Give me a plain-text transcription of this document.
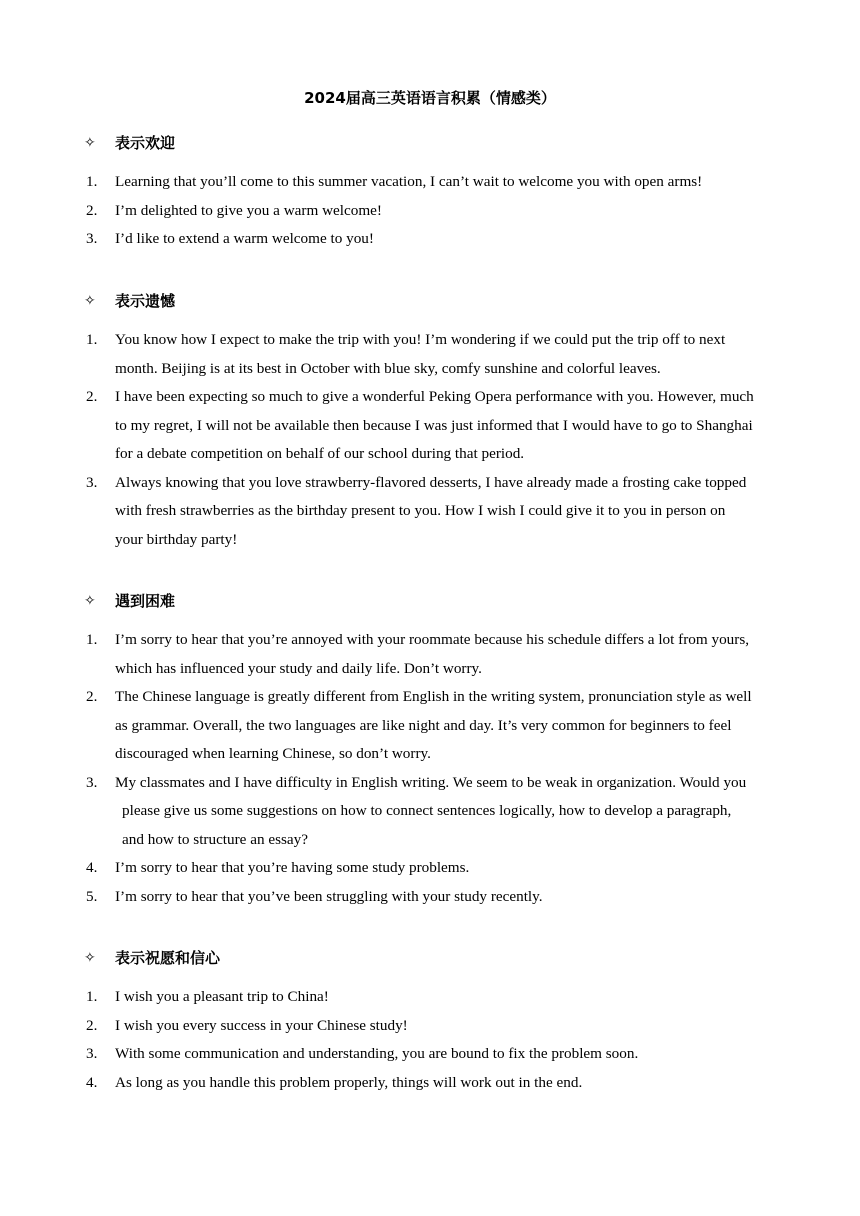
2024届高三英语语言积累（情感类）
✧ 表示欢迎
1. Learning that you’ll come to this summer vacation, I can’t wait to welcome you with open arms!
2. I’m delighted to give you a warm welcome!
3. I’d like to extend a warm welcome to you!
✧ 表示遗憾
1. You know how I expect to make the trip with you! I’m wondering if we could put the trip off to next month. Beijing is at its best in October with blue sky, comfy sunshine and colorful leaves.
2. I have been expecting so much to give a wonderful Peking Opera performance with you. However, much to my regret, I will not be available then because I was just informed that I would have to go to Shanghai for a debate competition on behalf of our school during that period.
3. Always knowing that you love strawberry-flavored desserts, I have already made a frosting cake topped with fresh strawberries as the birthday present to you. How I wish I could give it to you in person on your birthday party!
✧ 遇到困难
1. I’m sorry to hear that you’re annoyed with your roommate because his schedule differs a lot from yours, which has influenced your study and daily life. Don’t worry.
2. The Chinese language is greatly different from English in the writing system, pronunciation style as well as grammar. Overall, the two languages are like night and day. It’s very common for beginners to feel discouraged when learning Chinese, so don’t worry.
3. My classmates and I have difficulty in English writing. We seem to be weak in organization. Would you please give us some suggestions on how to connect sentences logically, how to develop a paragraph, and how to structure an essay?
4. I’m sorry to hear that you’re having some study problems.
5. I’m sorry to hear that you’ve been struggling with your study recently.
✧ 表示祝愿和信心
1. I wish you a pleasant trip to China!
2. I wish you every success in your Chinese study!
3. With some communication and understanding, you are bound to fix the problem soon.
4. As long as you handle this problem properly, things will work out in the end.
